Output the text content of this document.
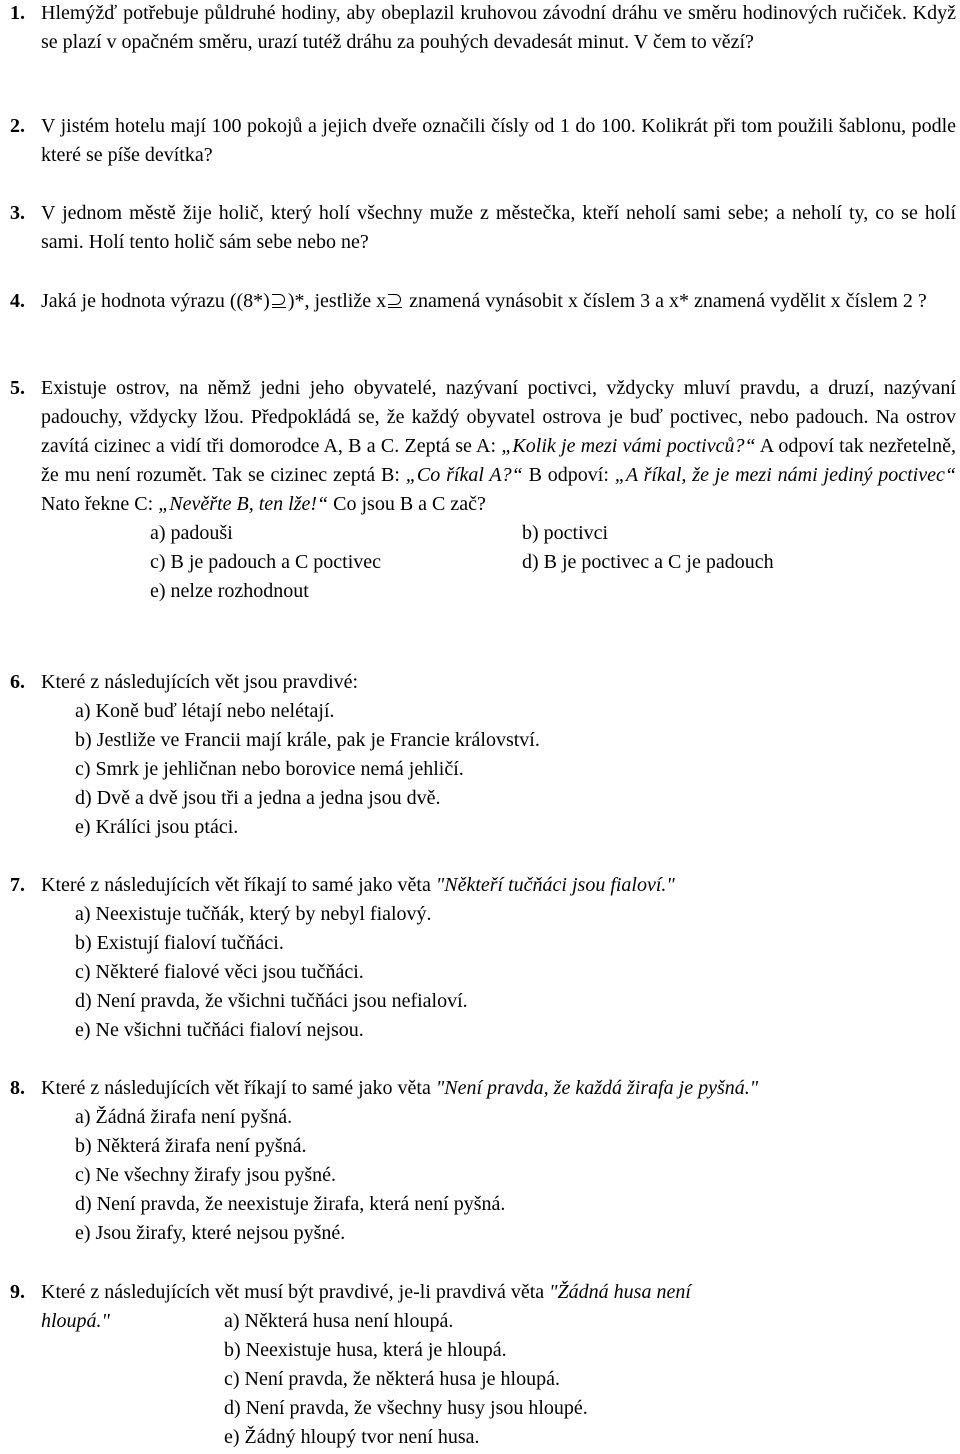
1. Hlemýžď potřebuje půldruhé hodiny, aby obeplazil kruhovou závodní dráhu ve směru hodinových ručiček. Když se plazí v opačném směru, urazí tutéž dráhu za pouhých devadesát minut. V čem to vězí?
2. V jistém hotelu mají 100 pokojů a jejich dveře označili čísly od 1 do 100. Kolikrát při tom použili šablonu, podle které se píše devítka?
3. V jednom městě žije holič, který holí všechny muže z městečka, kteří neholí sami sebe; a neholí ty, co se holí sami. Holí tento holič sám sebe nebo ne?
4. Jaká je hodnota výrazu ((8*) )*, jestliže x znamená vynásobit x číslem 3 a x* znamená vydělit x číslem 2 ?
5. Existuje ostrov, na němž jedni jeho obyvatelé, nazývaní poctivci, vždycky mluví pravdu, a druzí, nazývaní padouchy, vždycky lžou. Předpokládá se, že každý obyvatel ostrova je buď poctivec, nebo padouch. Na ostrov zavítá cizinec a vidí tři domorodce A, B a C. Zeptá se A: „Kolik je mezi vámi poctivců?“ A odpoví tak nezřetelně, že mu není rozumět. Tak se cizinec zeptá B: „Co říkal A?“ B odpoví: „A říkal, že je mezi námi jediný poctivec“ Nato řekne C: „Nevěřte B, ten lže!“ Co jsou B a C zač?
a) padouši	b) poctivci
c) B je padouch a C poctivec	d) B je poctivec a C je padouch
e) nelze rozhodnout
6. Které z následujících vět jsou pravdivé:
a) Koně buď létají nebo nelétají.
b) Jestliže ve Francii mají krále, pak je Francie království.
c) Smrk je jehličnan nebo borovice nemá jehličí.
d) Dvě a dvě jsou tři a jedna a jedna jsou dvě.
e) Králíci jsou ptáci.
7. Které z následujících vět říkají to samé jako věta "Někteří tučňáci jsou fialoví."
a) Neexistuje tučňák, který by nebyl fialový.
b) Existují fialoví tučňáci.
c) Některé fialové věci jsou tučňáci.
d) Není pravda, že všichni tučňáci jsou nefialoví.
e) Ne všichni tučňáci fialoví nejsou.
8. Které z následujících vět říkají to samé jako věta "Není pravda, že každá žirafa je pyšná."
a) Žádná žirafa není pyšná.
b) Některá žirafa není pyšná.
c) Ne všechny žirafy jsou pyšné.
d) Není pravda, že neexistuje žirafa, která není pyšná.
e) Jsou žirafy, které nejsou pyšné.
9. Které z následujících vět musí být pravdivé, je-li pravdivá věta "Žádná husa není
hloupá."	a) Některá husa není hloupá.
b) Neexistuje husa, která je hloupá.
c) Není pravda, že některá husa je hloupá.
d) Není pravda, že všechny husy jsou hloupé.
e) Žádný hloupý tvor není husa.
